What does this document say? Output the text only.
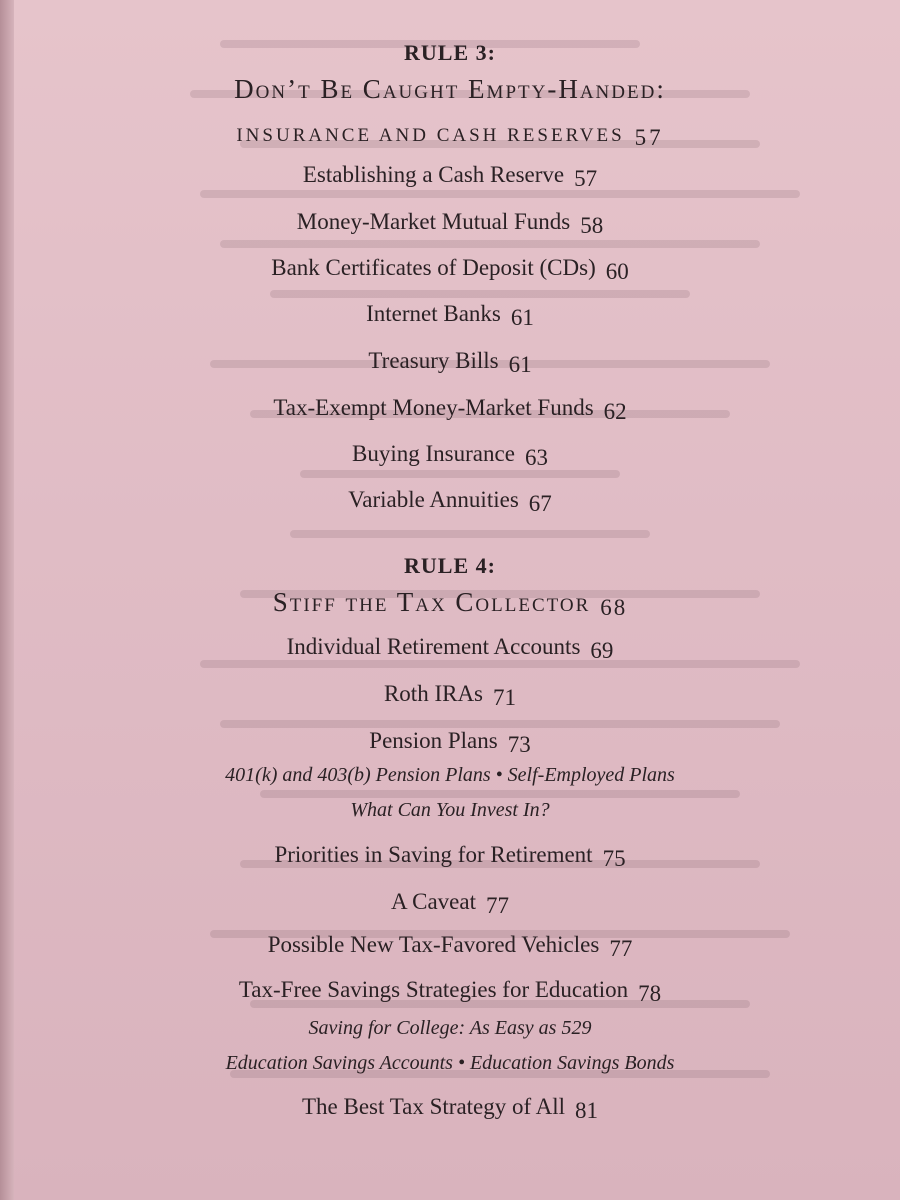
RULE 3:
Don’t Be Caught Empty-Handed:
INSURANCE AND CASH RESERVES 57
Establishing a Cash Reserve 57
Money-Market Mutual Funds 58
Bank Certificates of Deposit (CDs) 60
Internet Banks 61
Treasury Bills 61
Tax-Exempt Money-Market Funds 62
Buying Insurance 63
Variable Annuities 67
RULE 4:
Stiff the Tax Collector 68
Individual Retirement Accounts 69
Roth IRAs 71
Pension Plans 73
401(k) and 403(b) Pension Plans • Self-Employed Plans
What Can You Invest In?
Priorities in Saving for Retirement 75
A Caveat 77
Possible New Tax-Favored Vehicles 77
Tax-Free Savings Strategies for Education 78
Saving for College: As Easy as 529
Education Savings Accounts • Education Savings Bonds
The Best Tax Strategy of All 81
